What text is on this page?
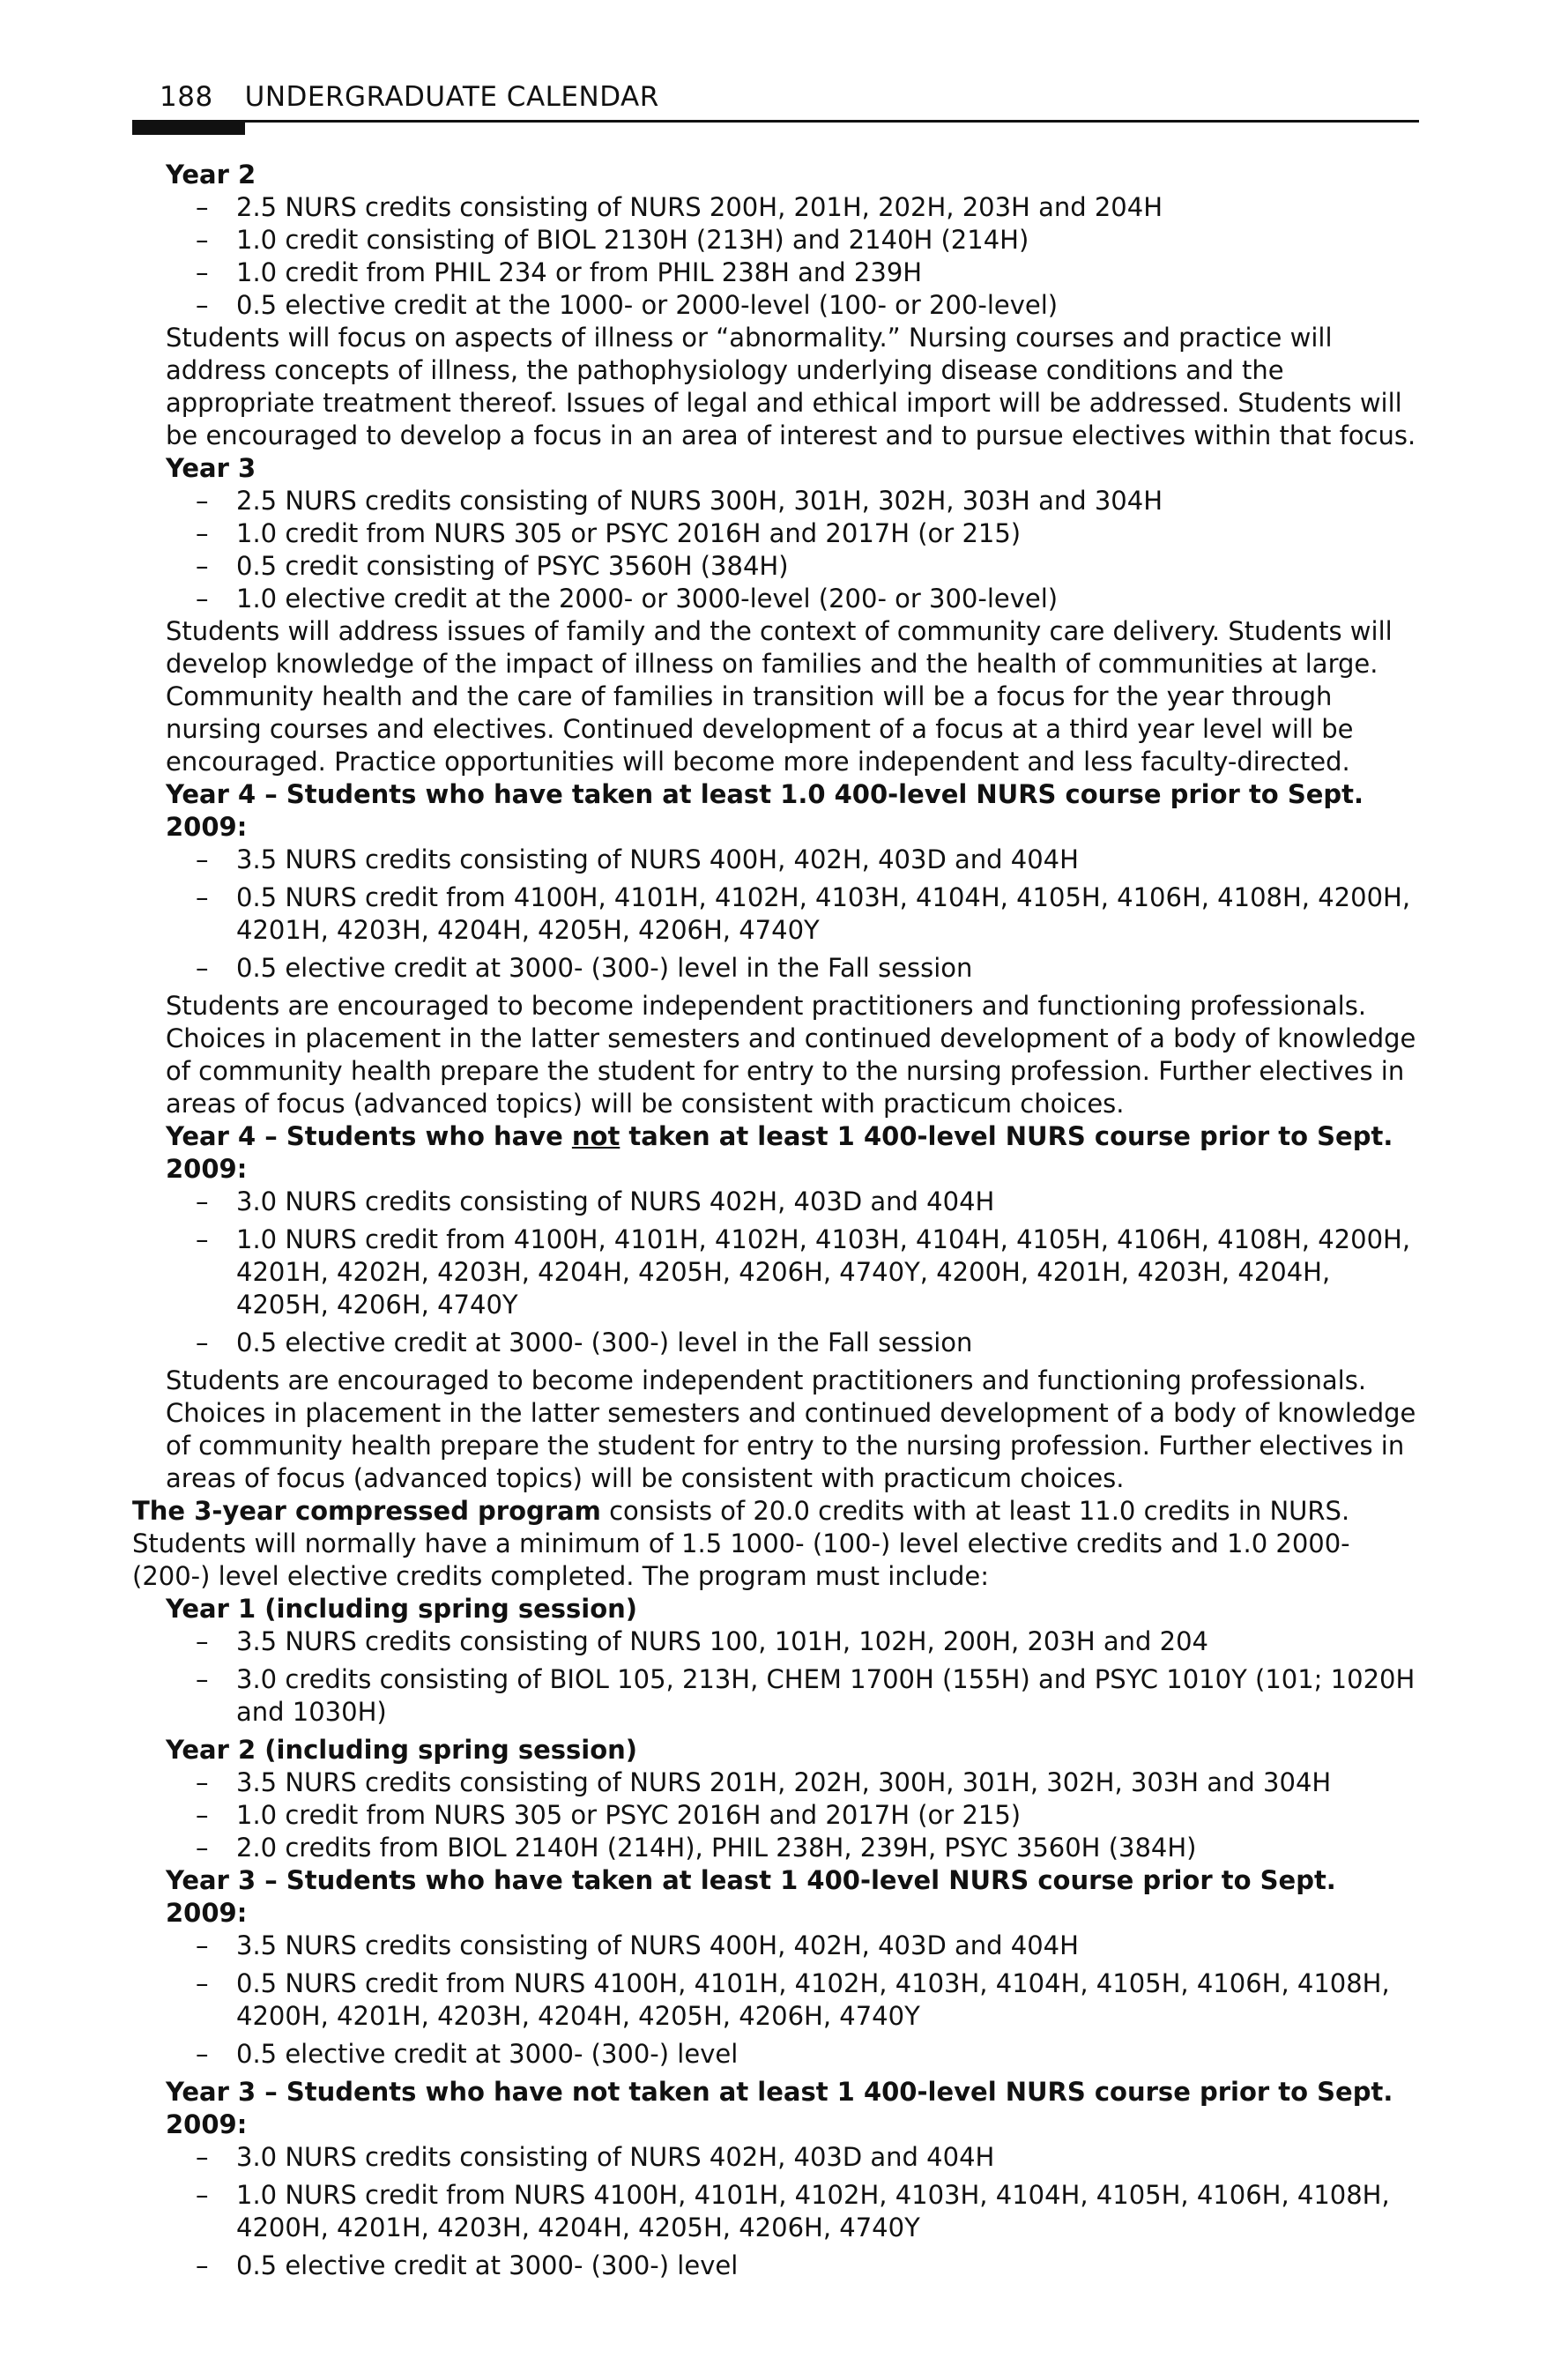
188 UNDERGRADUATE CALENDAR

Year 2

– 2.5 NURS credits consisting of NURS 200H, 201H, 202H, 203H and 204H
– 1.0 credit consisting of BIOL 2130H (213H) and 2140H (214H)
– 1.0 credit from PHIL 234 or from PHIL 238H and 239H
– 0.5 elective credit at the 1000- or 2000-level (100- or 200-level)

Students will focus on aspects of illness or “abnormality.” Nursing courses and practice will address concepts of illness, the pathophysiology underlying disease conditions and the appropriate treatment thereof. Issues of legal and ethical import will be addressed. Students will be encouraged to develop a focus in an area of interest and to pursue electives within that focus.

Year 3

– 2.5 NURS credits consisting of NURS 300H, 301H, 302H, 303H and 304H
– 1.0 credit from NURS 305 or PSYC 2016H and 2017H (or 215)
– 0.5 credit consisting of PSYC 3560H (384H)
– 1.0 elective credit at the 2000- or 3000-level (200- or 300-level)

Students will address issues of family and the context of community care delivery. Students will develop knowledge of the impact of illness on families and the health of communities at large. Community health and the care of families in transition will be a focus for the year through nursing courses and electives. Continued development of a focus at a third year level will be encouraged. Practice opportunities will become more independent and less faculty-directed.

Year 4 – Students who have taken at least 1.0 400-level NURS course prior to Sept. 2009:

– 3.5 NURS credits consisting of NURS 400H, 402H, 403D and 404H
– 0.5 NURS credit from 4100H, 4101H, 4102H, 4103H, 4104H, 4105H, 4106H, 4108H, 4200H, 4201H, 4203H, 4204H, 4205H, 4206H, 4740Y
– 0.5 elective credit at 3000- (300-) level in the Fall session

Students are encouraged to become independent practitioners and functioning professionals. Choices in placement in the latter semesters and continued development of a body of knowledge of community health prepare the student for entry to the nursing profession. Further electives in areas of focus (advanced topics) will be consistent with practicum choices.

Year 4 – Students who have not taken at least 1 400-level NURS course prior to Sept. 2009:

– 3.0 NURS credits consisting of NURS 402H, 403D and 404H
– 1.0 NURS credit from 4100H, 4101H, 4102H, 4103H, 4104H, 4105H, 4106H, 4108H, 4200H, 4201H, 4202H, 4203H, 4204H, 4205H, 4206H, 4740Y, 4200H, 4201H, 4203H, 4204H, 4205H, 4206H, 4740Y
– 0.5 elective credit at 3000- (300-) level in the Fall session

Students are encouraged to become independent practitioners and functioning professionals. Choices in placement in the latter semesters and continued development of a body of knowledge of community health prepare the student for entry to the nursing profession. Further electives in areas of focus (advanced topics) will be consistent with practicum choices.

The 3-year compressed program consists of 20.0 credits with at least 11.0 credits in NURS. Students will normally have a minimum of 1.5 1000- (100-) level elective credits and 1.0 2000- (200-) level elective credits completed. The program must include:

Year 1 (including spring session)

– 3.5 NURS credits consisting of NURS 100, 101H, 102H, 200H, 203H and 204
– 3.0 credits consisting of BIOL 105, 213H, CHEM 1700H (155H) and PSYC 1010Y (101; 1020H and 1030H)

Year 2 (including spring session)

– 3.5 NURS credits consisting of NURS 201H, 202H, 300H, 301H, 302H, 303H and 304H
– 1.0 credit from NURS 305 or PSYC 2016H and 2017H (or 215)
– 2.0 credits from BIOL 2140H (214H), PHIL 238H, 239H, PSYC 3560H (384H)

Year 3 – Students who have taken at least 1 400-level NURS course prior to Sept. 2009:

– 3.5 NURS credits consisting of NURS 400H, 402H, 403D and 404H
– 0.5 NURS credit from NURS 4100H, 4101H, 4102H, 4103H, 4104H, 4105H, 4106H, 4108H, 4200H, 4201H, 4203H, 4204H, 4205H, 4206H, 4740Y
– 0.5 elective credit at 3000- (300-) level

Year 3 – Students who have not taken at least 1 400-level NURS course prior to Sept. 2009:

– 3.0 NURS credits consisting of NURS 402H, 403D and 404H
– 1.0 NURS credit from NURS 4100H, 4101H, 4102H, 4103H, 4104H, 4105H, 4106H, 4108H, 4200H, 4201H, 4203H, 4204H, 4205H, 4206H, 4740Y
– 0.5 elective credit at 3000- (300-) level
